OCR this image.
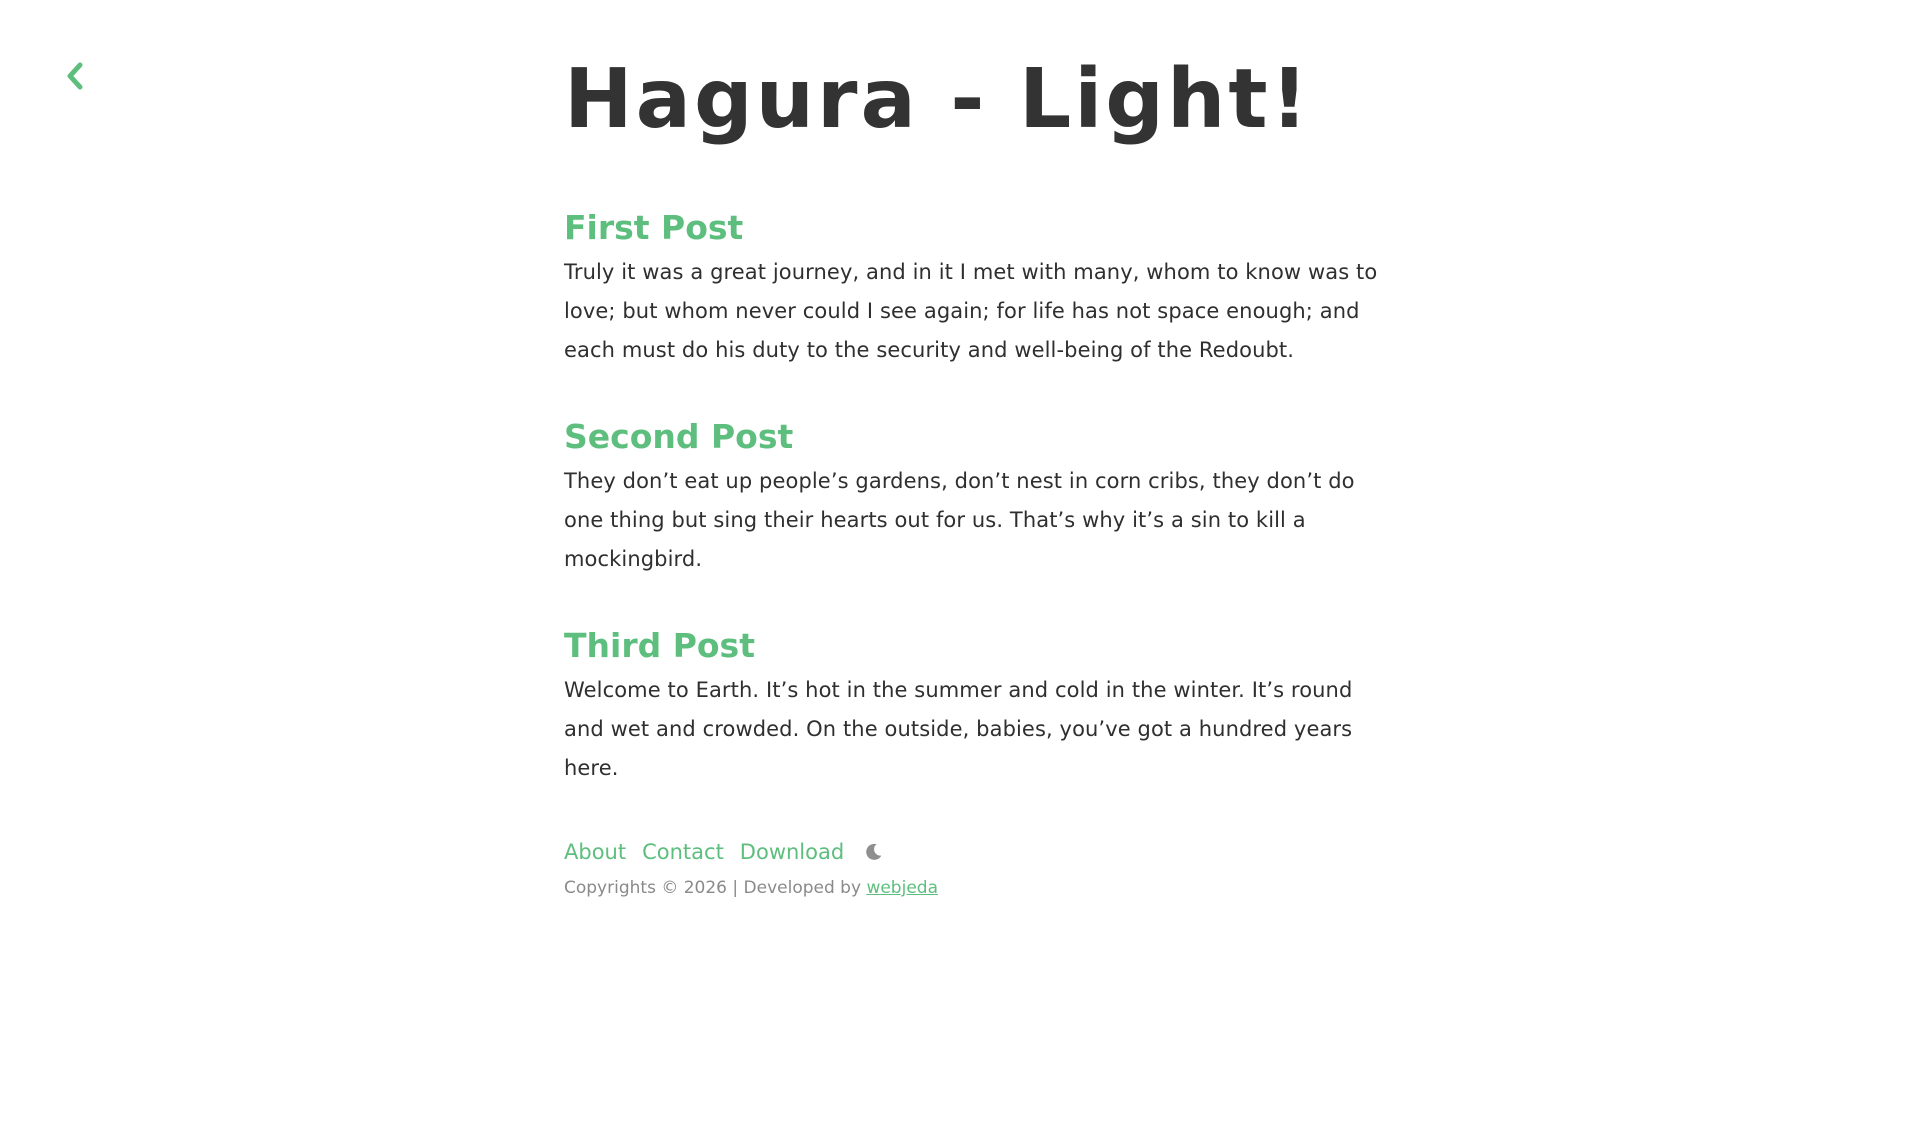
Hagura - Light!
First Post

Truly it was a great journey, and in it I met with many, whom to know was to love; but whom never could I see again; for life has not space enough; and each must do his duty to the security and well-being of the Redoubt.

Second Post

They don’t eat up people’s gardens, don’t nest in corn cribs, they don’t do one thing but sing their hearts out for us. That’s why it’s a sin to kill a mockingbird.

Third Post

Welcome to Earth. It’s hot in the summer and cold in the winter. It’s round and wet and crowded. On the outside, babies, you’ve got a hundred years here.

About Contact Download
Copyrights © 2026 | Developed by webjeda
